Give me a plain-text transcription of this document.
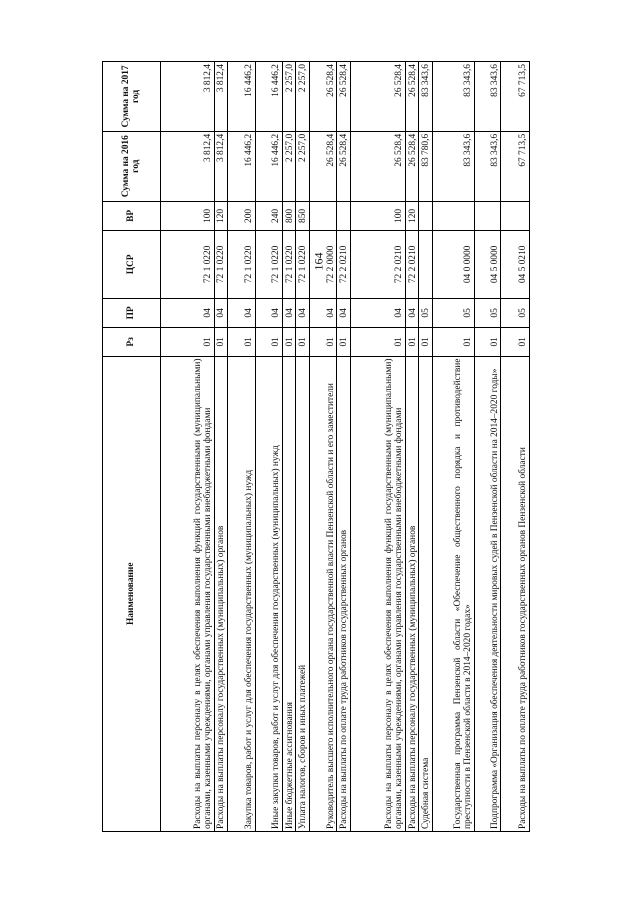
164
Наименование	Рз	ПР	ЦСР	ВР	Сумма на 2016 год	Сумма на 2017 год
Расходы на выплаты персоналу в целях обеспечения выполнения функций государственными (муниципальными) органами, казенными учреждениями, органами управления государственными внебюджетными фондами	01	04	72 1 0220	100	3 812,4	3 812,4
Расходы на выплаты персоналу государственных (муниципальных) органов	01	04	72 1 0220	120	3 812,4	3 812,4
Закупка товаров, работ и услуг для обеспечения государственных (муниципальных) нужд	01	04	72 1 0220	200	16 446,2	16 446,2
Иные закупки товаров, работ и услуг для обеспечения государственных (муниципальных) нужд	01	04	72 1 0220	240	16 446,2	16 446,2
Иные бюджетные ассигнования	01	04	72 1 0220	800	2 257,0	2 257,0
Уплата налогов, сборов и иных платежей	01	04	72 1 0220	850	2 257,0	2 257,0
Руководитель высшего исполнительного органа государственной власти Пензенской области и его заместители	01	04	72 2 0000		26 528,4	26 528,4
Расходы на выплаты по оплате труда работников государственных органов	01	04	72 2 0210		26 528,4	26 528,4
Расходы на выплаты персоналу в целях обеспечения выполнения функций государственными (муниципальными) органами, казенными учреждениями, органами управления государственными внебюджетными фондами	01	04	72 2 0210	100	26 528,4	26 528,4
Расходы на выплаты персоналу государственных (муниципальных) органов	01	04	72 2 0210	120	26 528,4	26 528,4
Судебная система	01	05			83 780,6	83 343,6
Государственная программа Пензенской области «Обеспечение общественного порядка и противодействие преступности в Пензенской области в 2014–2020 годах»	01	05	04 0 0000		83 343,6	83 343,6
Подпрограмма «Организация обеспечения деятельности мировых судей в Пензенской области на 2014–2020 годы»	01	05	04 5 0000		83 343,6	83 343,6
Расходы на выплаты по оплате труда работников государственных органов Пензенской области	01	05	04 5 0210		67 713,5	67 713,5
